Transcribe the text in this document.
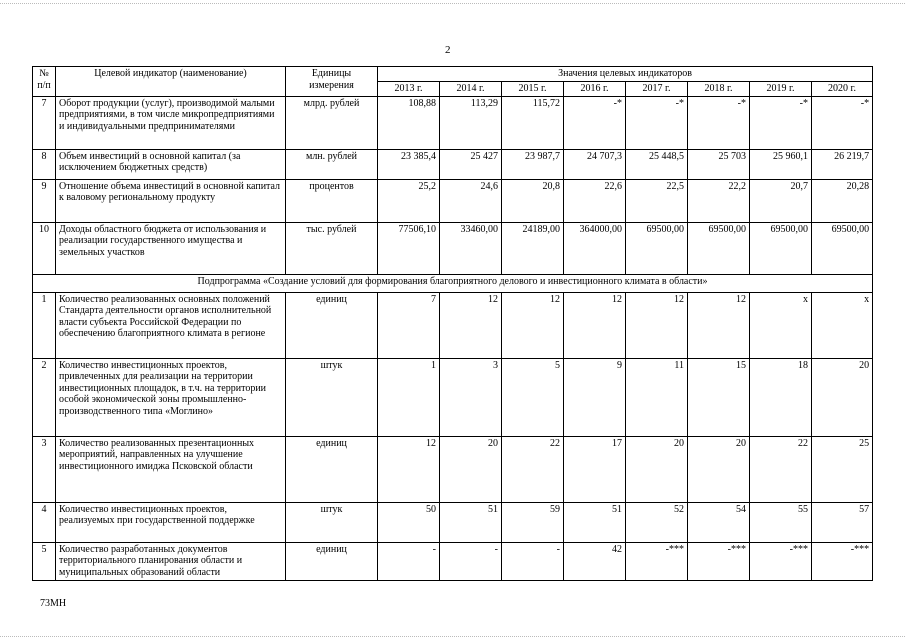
2
№ п/п	Целевой индикатор (наименование)	Единицы измерения	Значения целевых индикаторов							
			2013 г.	2014 г.	2015 г.	2016 г.	2017 г.	2018 г.	2019 г.	2020 г.
7	Оборот продукции (услуг), производимой малыми предприятиями, в том числе микропредприятиями и индивидуальными предпринимателями	млрд. рублей	108,88	113,29	115,72	-*	-*	-*	-*	-*
8	Объем инвестиций в основной капитал (за исключением бюджетных средств)	млн. рублей	23 385,4	25 427	23 987,7	24 707,3	25 448,5	25 703	25 960,1	26 219,7
9	Отношение объема инвестиций в основной капитал к валовому региональному продукту	процентов	25,2	24,6	20,8	22,6	22,5	22,2	20,7	20,28
10	Доходы областного бюджета от использования и реализации государственного имущества и земельных участков	тыс. рублей	77506,10	33460,00	24189,00	364000,00	69500,00	69500,00	69500,00	69500,00
Подпрограмма «Создание условий для формирования благоприятного делового и инвестиционного климата в области»										
1	Количество реализованных основных положений Стандарта деятельности органов исполнительной власти субъекта Российской Федерации по обеспечению благоприятного климата в регионе	единиц	7	12	12	12	12	12	х	х
2	Количество инвестиционных проектов, привлеченных для реализации на территории инвестиционных площадок, в т.ч. на территории особой экономической зоны промышленно-производственного типа «Моглино»	штук	1	3	5	9	11	15	18	20
3	Количество реализованных презентационных мероприятий, направленных на улучшение инвестиционного имиджа Псковской области	единиц	12	20	22	17	20	20	22	25
4	Количество инвестиционных проектов, реализуемых при государственной поддержке	штук	50	51	59	51	52	54	55	57
5	Количество разработанных документов территориального планирования области и муниципальных образований области	единиц	-	-	-	42	-***	-***	-***	-***
73МН
